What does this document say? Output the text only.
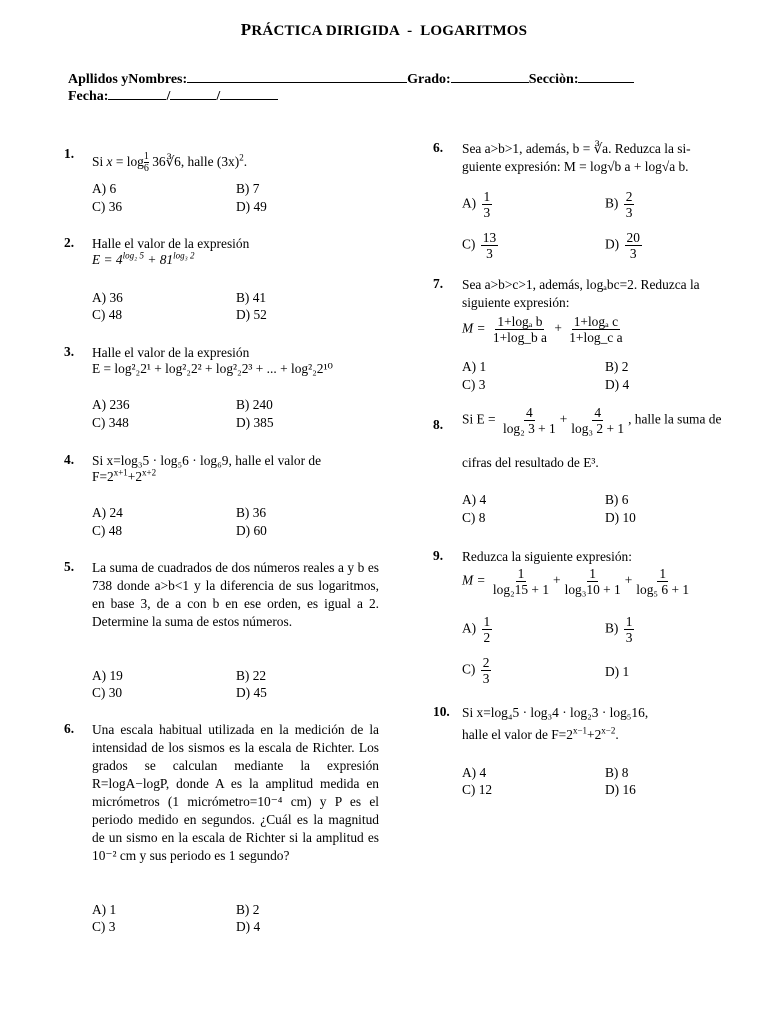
PRÁCTICA DIRIGIDA - LOGARITMOS
Apllidos yNombres:	Grado:	Secciòn:
Fecha:	/	/
1.
Si x = log $_{\frac{1}{6}}$ 36∛6, halle $(3x)^2$.
A) 6	B) 7
C) 36	D) 49
2. Halle el valor de la expresión
$E = 4^{log_2 5} + 81^{log_3 2}$
A) 36	B) 41
C) 48	D) 52
3. Halle el valor de la expresión
E = log²₂2¹ + log²₂2² + log²₂2³ + ... + log²₂2¹⁰
A) 236	B) 240
C) 348	D) 385
4. Si x=log₃5 · log₅6 · log₆9, halle el valor de
$F=2^{x+1}+2^{x+2}$
A) 24	B) 36
C) 48	D) 60
5. La suma de cuadrados de dos números reales a y b es 738 donde a>b<1 y la diferencia de sus logaritmos, en base 3, de a con b en ese orden, es igual a 2. Determine la suma de estos números.
A) 19	B) 22
C) 30	D) 45
6. Una escala habitual utilizada en la medición de la intensidad de los sismos es la escala de Richter. Los grados se calculan mediante la expresión R=logA−logP, donde A es la amplitud medida en micrómetros (1 micrómetro=10⁻⁴ cm) y P es el periodo medido en segundos. ¿Cuál es la magnitud de un sismo en la escala de Richter si la amplitud es 10⁻² cm y sus periodo es 1 segundo?
A) 1	B) 2
C) 3	D) 4
6. Sea a>b>1, además, b = ∛a. Reduzca la si-
guiente expresión: M = log√b a + log√a b.
$A) \frac{1}{3}$	$B) \frac{2}{3}$
$C) \frac{13}{3}$	$D) \frac{20}{3}$
7. Sea a>b>c>1, además, logₐbc=2. Reduzca la
siguiente expresión:
$M = \frac{\text{1+logₐ b}}{\text{1+log\_b a}} + \frac{\text{1+logₐ c}}{\text{1+log\_c a}}$
A) 1	B) 2
C) 3	D) 4
8. Si $E = \frac{4}{\text{log₂ 3 + 1}} + \frac{4}{\text{log₃ 2 + 1}}$ , halle la suma de
cifras del resultado de E³.
A) 4	B) 6
C) 8	D) 10
9. Reduzca la siguiente expresión:
$M = \frac{1}{\text{log₂15 + 1}} + \frac{1}{\text{log₃10 + 1}} + \frac{1}{\text{log₅ 6 + 1}}$
$A) \frac{1}{2}$	$B) \frac{1}{3}$
$C) \frac{2}{3}$	D) 1
10. Si x=log₄5 · log₃4 · log₂3 · log₅16,
halle el valor de $F=2^{x-1}+2^{x-2}$.
A) 4	B) 8
C) 12	D) 16
